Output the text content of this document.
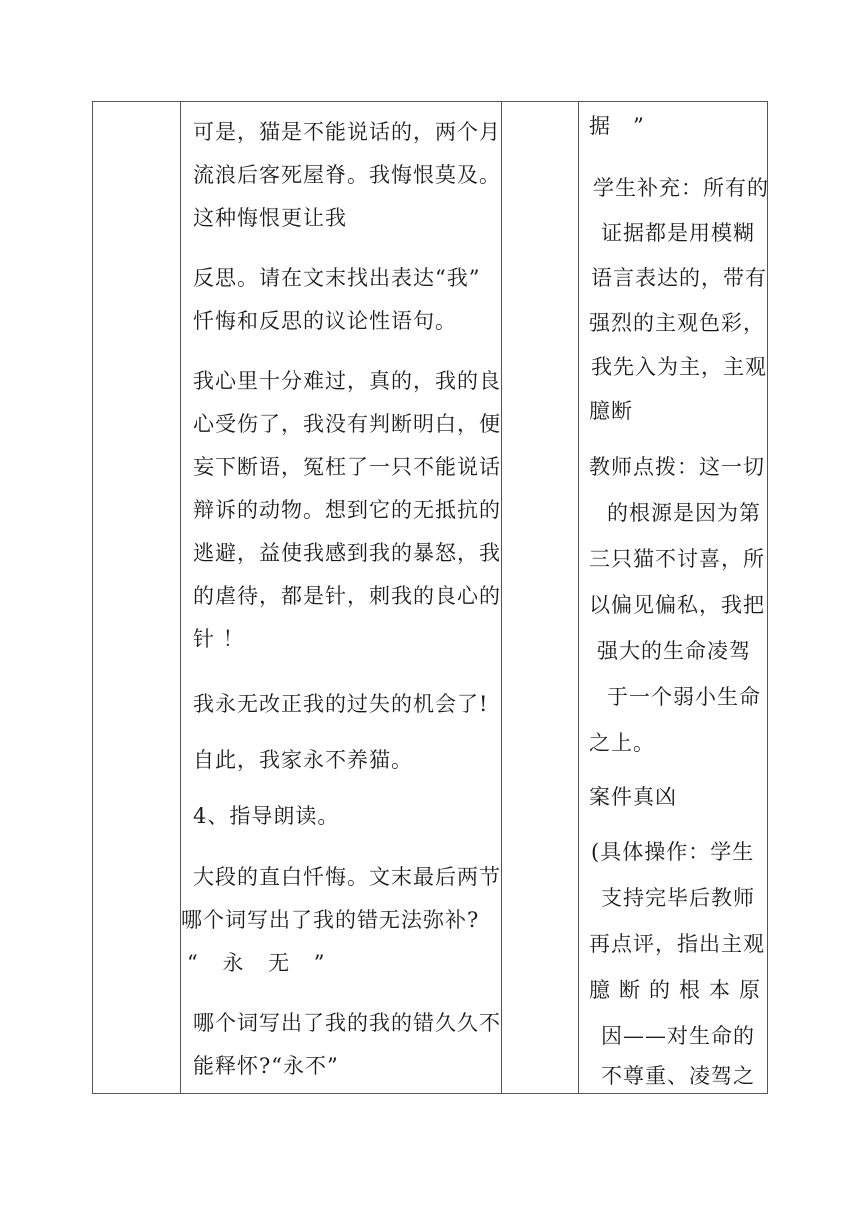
可是，猫是不能说话的，两个月
流浪后客死屋脊。我悔恨莫及。
这种悔恨更让我
反思。请在文末找出表达“我”
忏悔和反思的议论性语句。
我心里十分难过，真的，我的良
心受伤了，我没有判断明白，便
妄下断语，冤枉了一只不能说话
辩诉的动物。想到它的无抵抗的
逃避，益使我感到我的暴怒，我
的虐待，都是针，刺我的良心的
针 ！
我永无改正我的过失的机会了!
自此，我家永不养猫。
4、指导朗读。
大段的直白忏悔。文末最后两节
哪个词写出了我的错无法弥补?
“ 永 无 ”
哪个词写出了我的我的错久久不
能释怀?“永不”

据　”
学生补充：所有的
证据都是用模糊
语言表达的，带有
强烈的主观色彩，
我先入为主，主观
臆断
教师点拨：这一切
的根源是因为第
三只猫不讨喜，所
以偏见偏私，我把
强大的生命凌驾
于一个弱小生命
之上。
案件真凶
(具体操作：学生
支持完毕后教师
再点评，指出主观
臆断的根本原
因——对生命的
不尊重、凌驾之
